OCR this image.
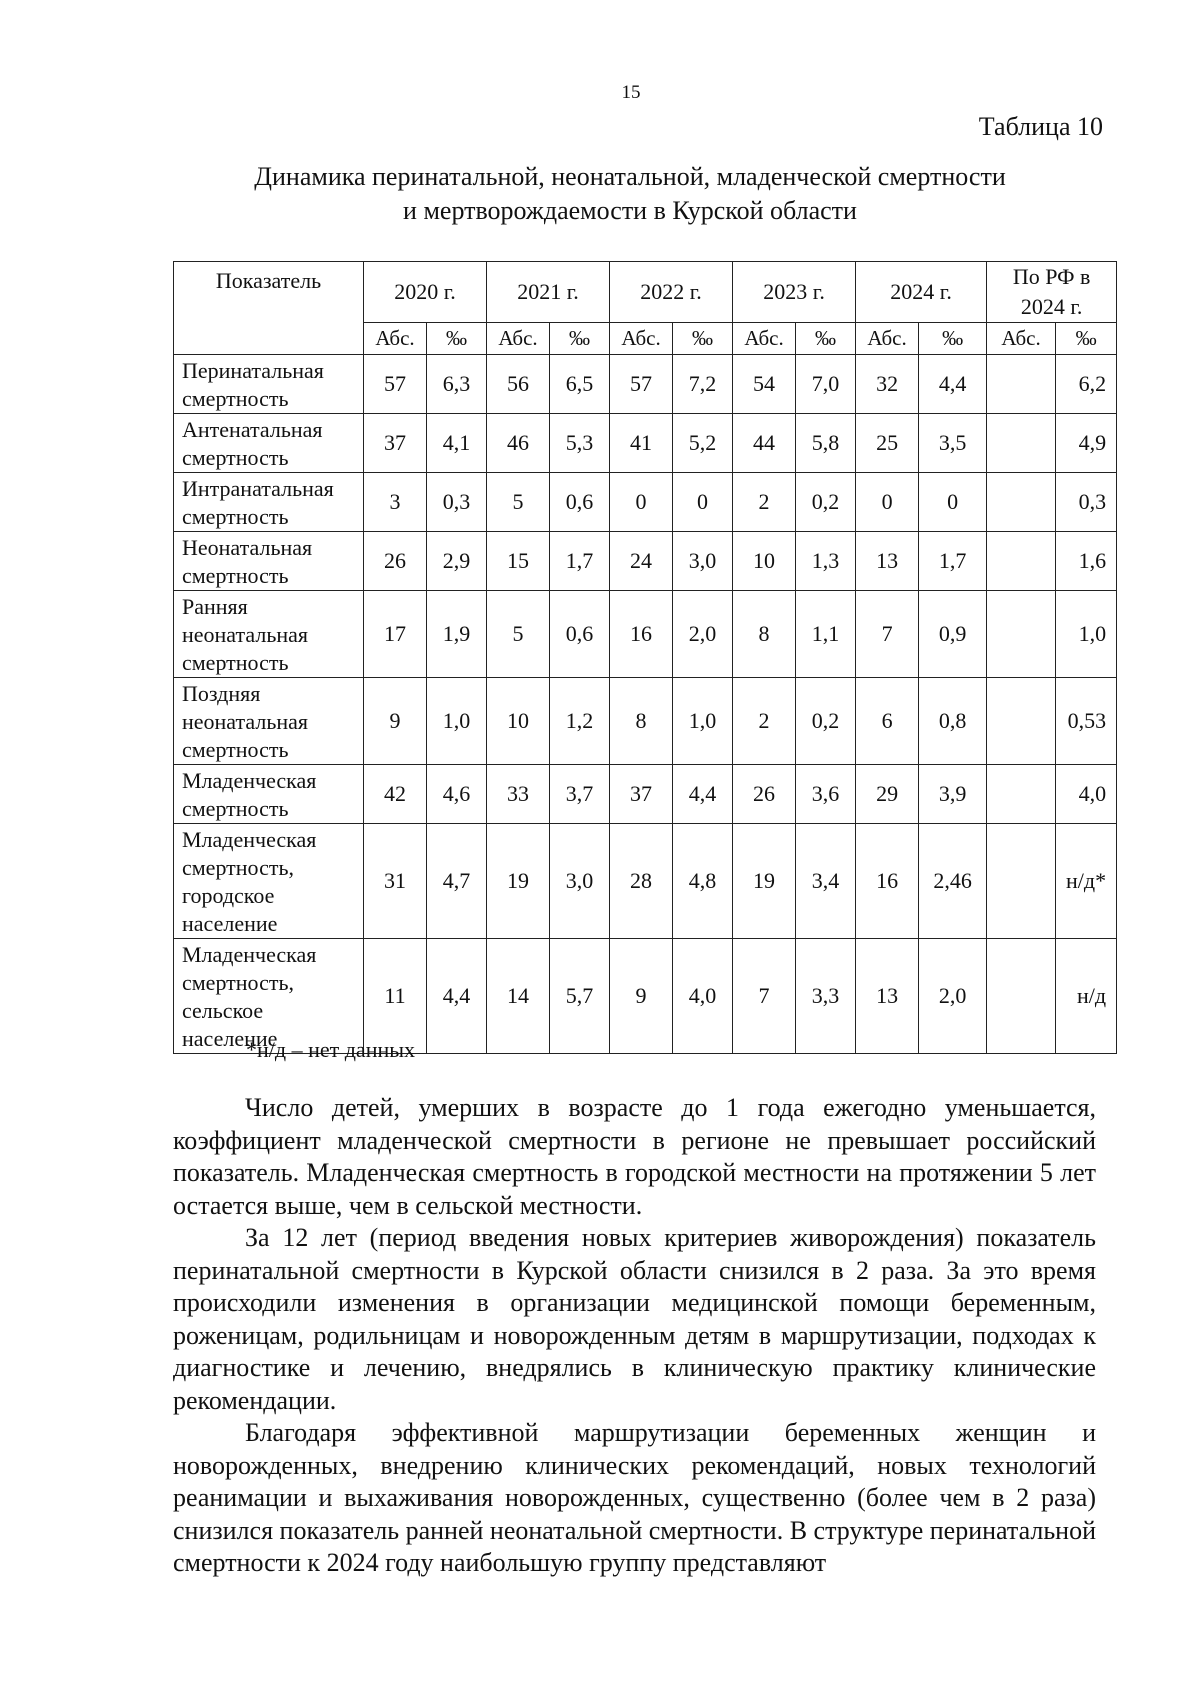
15
Таблица 10
Динамика перинатальной, неонатальной, младенческой смертности
и мертворождаемости в Курской области
Показатель	2020 г.		2021 г.		2022 г.		2023 г.		2024 г.		По РФ в
2024 г.	
	Абс.	‰	Абс.	‰	Абс.	‰	Абс.	‰	Абс.	‰	Абс.	‰
Перинатальная
смертность	57	6,3	56	6,5	57	7,2	54	7,0	32	4,4		6,2
Антенатальная
смертность	37	4,1	46	5,3	41	5,2	44	5,8	25	3,5		4,9
Интранатальная
смертность	3	0,3	5	0,6	0	0	2	0,2	0	0		0,3
Неонатальная
смертность	26	2,9	15	1,7	24	3,0	10	1,3	13	1,7		1,6
Ранняя
неонатальная
смертность	17	1,9	5	0,6	16	2,0	8	1,1	7	0,9		1,0
Поздняя
неонатальная
смертность	9	1,0	10	1,2	8	1,0	2	0,2	6	0,8		0,53
Младенческая
смертность	42	4,6	33	3,7	37	4,4	26	3,6	29	3,9		4,0
Младенческая
смертность,
городское
население	31	4,7	19	3,0	28	4,8	19	3,4	16	2,46		н/д*
Младенческая
смертность,
сельское
население	11	4,4	14	5,7	9	4,0	7	3,3	13	2,0		н/д
*н/д – нет данных

Число детей, умерших в возрасте до 1 года ежегодно уменьшается, коэффициент младенческой смертности в регионе не превышает российский показатель. Младенческая смертность в городской местности на протяжении 5 лет остается выше, чем в сельской местности.

За 12 лет (период введения новых критериев живорождения) показатель перинатальной смертности в Курской области снизился в 2 раза. За это время происходили изменения в организации медицинской помощи беременным, роженицам, родильницам и новорожденным детям в маршрутизации, подходах к диагностике и лечению, внедрялись в клиническую практику клинические рекомендации.

Благодаря эффективной маршрутизации беременных женщин и новорожденных, внедрению клинических рекомендаций, новых технологий реанимации и выхаживания новорожденных, существенно (более чем в 2 раза) снизился показатель ранней неонатальной смертности. В структуре перинатальной смертности к 2024 году наибольшую группу представляют
